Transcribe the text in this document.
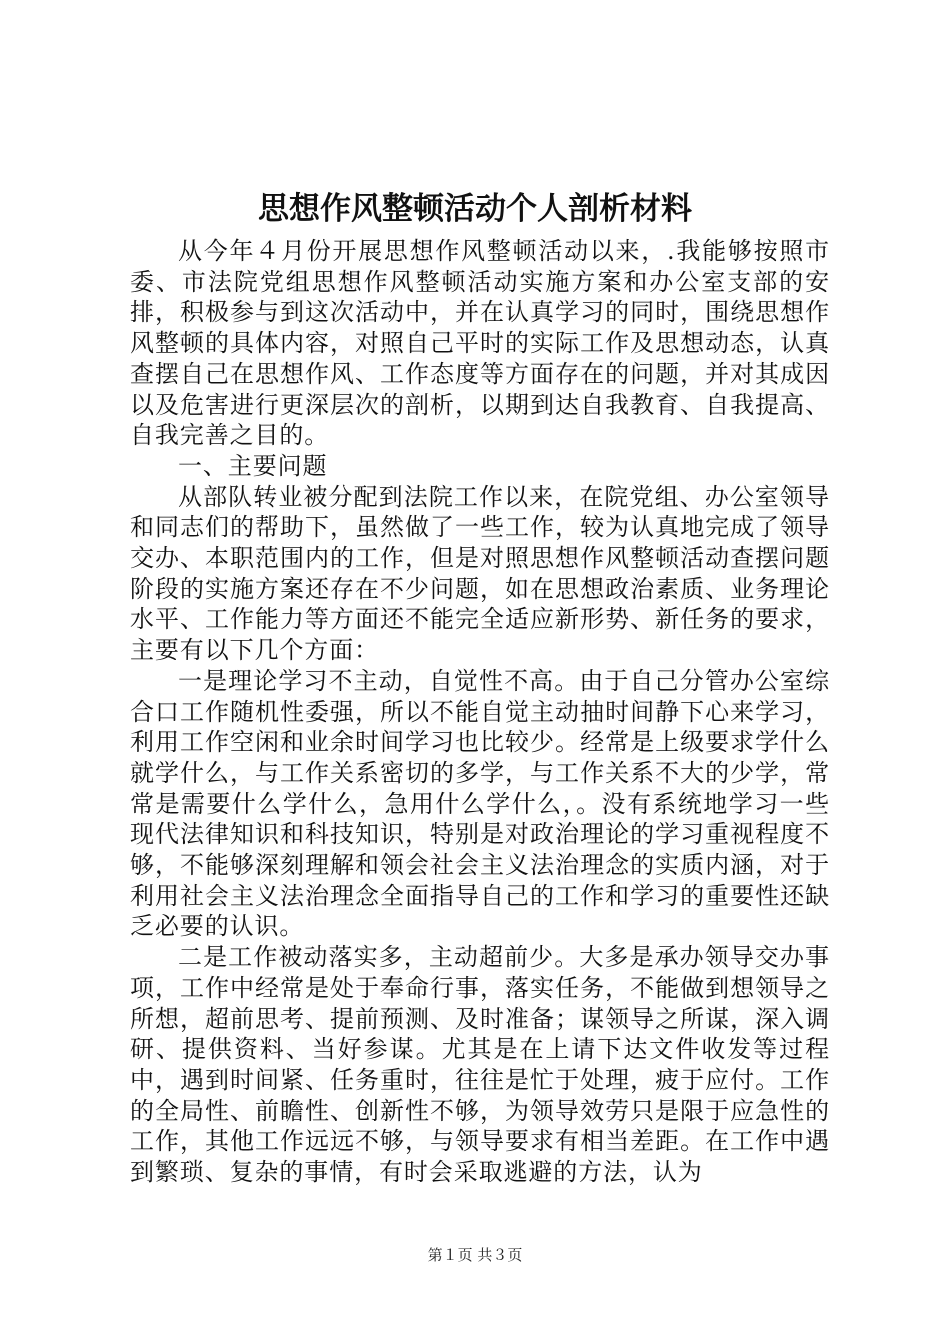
思想作风整顿活动个人剖析材料

从今年４月份开展思想作风整顿活动以来，.我能够按照市委、市法院党组思想作风整顿活动实施方案和办公室支部的安排，积极参与到这次活动中，并在认真学习的同时，围绕思想作风整顿的具体内容，对照自己平时的实际工作及思想动态，认真查摆自己在思想作风、工作态度等方面存在的问题，并对其成因以及危害进行更深层次的剖析，以期到达自我教育、自我提高、自我完善之目的。

一、主要问题

从部队转业被分配到法院工作以来，在院党组、办公室领导和同志们的帮助下，虽然做了一些工作，较为认真地完成了领导交办、本职范围内的工作，但是对照思想作风整顿活动查摆问题阶段的实施方案还存在不少问题，如在思想政治素质、业务理论水平、工作能力等方面还不能完全适应新形势、新任务的要求，主要有以下几个方面：

一是理论学习不主动，自觉性不高。由于自己分管办公室综合口工作随机性委强，所以不能自觉主动抽时间静下心来学习，利用工作空闲和业余时间学习也比较少。经常是上级要求学什么就学什么，与工作关系密切的多学，与工作关系不大的少学，常常是需要什么学什么，急用什么学什么，。没有系统地学习一些现代法律知识和科技知识，特别是对政治理论的学习重视程度不够，不能够深刻理解和领会社会主义法治理念的实质内涵，对于利用社会主义法治理念全面指导自己的工作和学习的重要性还缺乏必要的认识。

二是工作被动落实多，主动超前少。大多是承办领导交办事项，工作中经常是处于奉命行事，落实任务，不能做到想领导之所想，超前思考、提前预测、及时准备；谋领导之所谋，深入调研、提供资料、当好参谋。尤其是在上请下达文件收发等过程中，遇到时间紧、任务重时，往往是忙于处理，疲于应付。工作的全局性、前瞻性、创新性不够，为领导效劳只是限于应急性的工作，其他工作远远不够，与领导要求有相当差距。在工作中遇到繁琐、复杂的事情，有时会采取逃避的方法，认为

第１页 共３页
